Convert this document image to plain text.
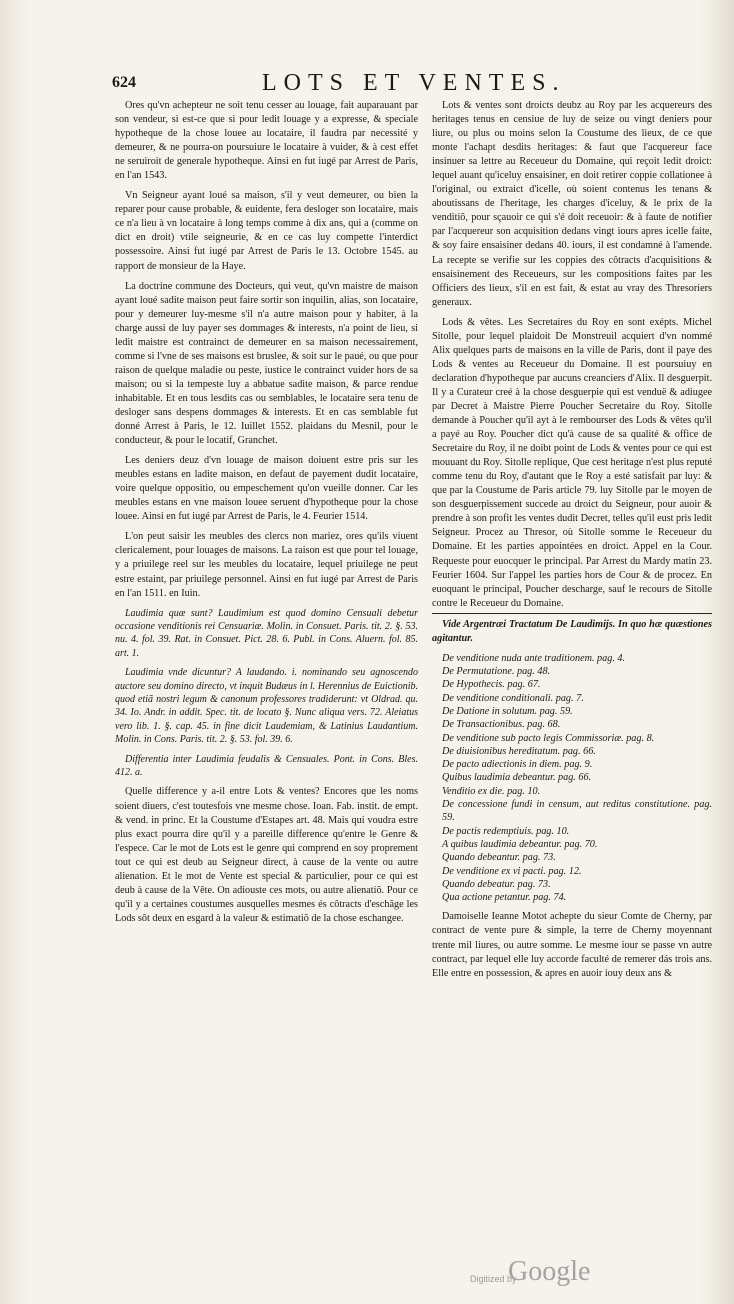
624	LOTS ET VENTES.

Ores qu'vn achepteur ne soit tenu cesser au louage, fait auparauant par son vendeur, si est-ce que si pour ledit louage y a expresse, & speciale hypotheque de la chose louee au locataire, il faudra par necessité y demeurer, & ne pourra-on poursuiure le locataire à vuider, & à cest effet ne seruiroit de generale hypotheque. Ainsi en fut iugé par Arrest de Paris, en l'an 1543.

Vn Seigneur ayant loué sa maison, s'il y veut demeurer, ou bien la reparer pour cause probable, & euidente, fera desloger son locataire, mais ce n'a lieu à vn locataire à long temps comme à dix ans, qui a (comme on dict en droit) vtile seigneurie, & en ce cas luy compette l'interdict possessoire. Ainsi fut iugé par Arrest de Paris le 13. Octobre 1545. au rapport de monsieur de la Haye.

La doctrine commune des Docteurs, qui veut, qu'vn maistre de maison ayant loué sadite maison peut faire sortir son inquilin, alias, son locataire, pour y demeurer luy-mesme s'il n'a autre maison pour y habiter, à la charge aussi de luy payer ses dommages & interests, n'a point de lieu, si ledit maistre est contrainct de demeurer en sa maison necessairement, comme si l'vne de ses maisons est bruslee, & soit sur le paué, ou que pour raison de quelque maladie ou peste, iustice le contrainct vuider hors de sa maison; ou si la tempeste luy a abbatue sadite maison, & parce rendue inhabitable. Et en tous lesdits cas ou semblables, le locataire sera tenu de desloger sans despens dommages & interests. Et en cas semblable fut donné Arrest à Paris, le 12. Iuillet 1552. plaidans du Mesnil, pour le conducteur, & pour le locatif, Granchet.

Les deniers deuz d'vn louage de maison doiuent estre pris sur les meubles estans en ladite maison, en defaut de payement dudit locataire, voire quelque oppositio, ou empeschement qu'on vueille donner. Car les meubles estans en vne maison louee seruent d'hypotheque pour la chose louee. Ainsi en fut iugé par Arrest de Paris, le 4. Feurier 1514.

L'on peut saisir les meubles des clercs non mariez, ores qu'ils viuent clericalement, pour louages de maisons. La raison est que pour tel louage, y a priuilege reel sur les meubles du locataire, lequel priuilege ne peut estre estaint, par priuilege personnel. Ainsi en fut iugé par Arrest de Paris en l'an 1511. en Iuin.

Laudimia quæ sunt? Laudimium est quod domino Censuali debetur occasione venditionis rei Censuariæ. Molin. in Consuet. Paris. tit. 2. §. 53. nu. 4. fol. 39. Rat. in Consuet. Pict. 28. 6. Publ. in Cons. Aluern. fol. 85. art. 1.

Laudimia vnde dicuntur? A laudando. i. nominando seu agnoscendo auctore seu domino directo, vt inquit Budæus in l. Herennius de Euictionib. quod etiã nostri legum & canonum professores tradiderunt: vt Oldrad. qu. 34. Io. Andr. in addit. Spec. tit. de locato §. Nunc aliqua vers. 72. Aleiatus vero lib. 1. §. cap. 45. in fine dicit Laudemiam, & Latinius Laudantium. Molin. in Cons. Paris. tit. 2. §. 53. fol. 39. 6.

Differentia inter Laudimia feudalis & Censuales. Pont. in Cons. Bles. 412. a.

Quelle difference y a-il entre Lots & ventes? Encores que les noms soient diuers, c'est toutesfois vne mesme chose. Ioan. Fab. instit. de empt. & vend. in princ. Et la Coustume d'Estapes art. 48. Mais qui voudra estre plus exact pourra dire qu'il y a pareille difference qu'entre le Genre & l'espece. Car le mot de Lots est le genre qui comprend en soy proprement tout ce qui est deub au Seigneur direct, à cause de la vente ou autre alienation. Et le mot de Vente est special & particulier, pour ce qui est deub à cause de la Vête. On adiouste ces mots, ou autre alienatiõ. Pour ce qu'il y a certaines coustumes ausquelles mesmes és côtracts d'eschãge les Lods sôt deux en esgard à la valeur & estimatiõ de la chose eschangee.

Lots & ventes sont droicts deubz au Roy par les acquereurs des heritages tenus en censiue de luy de seize ou vingt deniers pour liure, ou plus ou moins selon la Coustume des lieux, de ce que monte l'achapt desdits heritages: & faut que l'acquereur face insinuer sa lettre au Receueur du Domaine, qui reçoit ledit droict: lequel auant qu'iceluy ensaisiner, en doit retirer coppie collationee à l'original, ou extraict d'icelle, où soient contenus les tenans & aboutissans de l'heritage, les charges d'iceluy, & le prix de la venditiõ, pour sçauoir ce qui s'é doit receuoir: & à faute de notifier par l'acquereur son acquisition dedans vingt iours apres icelle faite, & soy faire ensaisiner dedans 40. iours, il est condamné à l'amende. La recepte se verifie sur les coppies des côtracts d'acquisitions & ensaisinement des Receueurs, sur les compositions faites par les Officiers des lieux, s'il en est fait, & estat au vray des Thresoriers generaux.

Lods & vêtes. Les Secretaires du Roy en sont exépts. Michel Sitolle, pour lequel plaidoit De Monstreuil acquiert d'vn nommé Alix quelques parts de maisons en la ville de Paris, dont il paye des Lods & ventes au Receueur du Domaine. Il est poursuiuy en declaration d'hypotheque par aucuns creanciers d'Alix. Il desguerpit. Il y a Curateur creé à la chose desguerpie qui est venduë & adiugee par Decret à Maistre Pierre Poucher Secretaire du Roy. Sitolle demande à Poucher qu'il ayt à le rembourser des Lods & vêtes qu'il a payé au Roy. Poucher dict qu'à cause de sa qualité & office de Secretaire du Roy, il ne doibt point de Lods & ventes pour ce qui est mouuant du Roy. Sitolle replique, Que cest heritage n'est plus reputé comme tenu du Roy, d'autant que le Roy a esté satisfait par luy: & que par la Coustume de Paris article 79. luy Sitolle par le moyen de son desguerpissement succede au droict du Seigneur, pour auoir & prendre à son profit les ventes dudit Decret, telles qu'il eust pris ledit Seigneur. Procez au Thresor, où Sitolle somme le Receueur du Domaine. Et les parties appointées en droict. Appel en la Cour. Requeste pour euocquer le principal. Par Arrest du Mardy matin 23. Feurier 1604. Sur l'appel les parties hors de Cour & de procez. En euoquant le principal, Poucher descharge, sauf le recours de Sitolle contre le Receueur du Domaine.

Vide Argentræi Tractatum De Laudimijs. In quo hæ quæstiones agitantur.

De venditione nuda ante traditionem. pag. 4.
De Permutatione. pag. 48.
De Hypothecis. pag. 67.
De venditione conditionali. pag. 7.
De Datione in solutum. pag. 59.
De Transactionibus. pag. 68.
De venditione sub pacto legis Commissoriæ. pag. 8.
De diuisionibus hereditatum. pag. 66.
De pacto adiectionis in diem. pag. 9.
Quibus laudimia debeantur. pag. 66.
Venditio ex die. pag. 10.
De concessione fundi in censum, aut reditus constitutione. pag. 59.
De pactis redemptiuis. pag. 10.
A quibus laudimia debeantur. pag. 70.
Quando debeantur. pag. 73.
De venditione ex vi pacti. pag. 12.
Quando debeatur. pag. 73.
Qua actione petantur. pag. 74.

Damoiselle Ieanne Motot achepte du sieur Comte de Cherny, par contract de vente pure & simple, la terre de Cherny moyennant trente mil liures, ou autre somme. Le mesme iour se passe vn autre contract, par lequel elle luy accorde faculté de remerer dás trois ans. Elle entre en possession, & apres en auoir iouy deux ans &

Digitized by
Google
